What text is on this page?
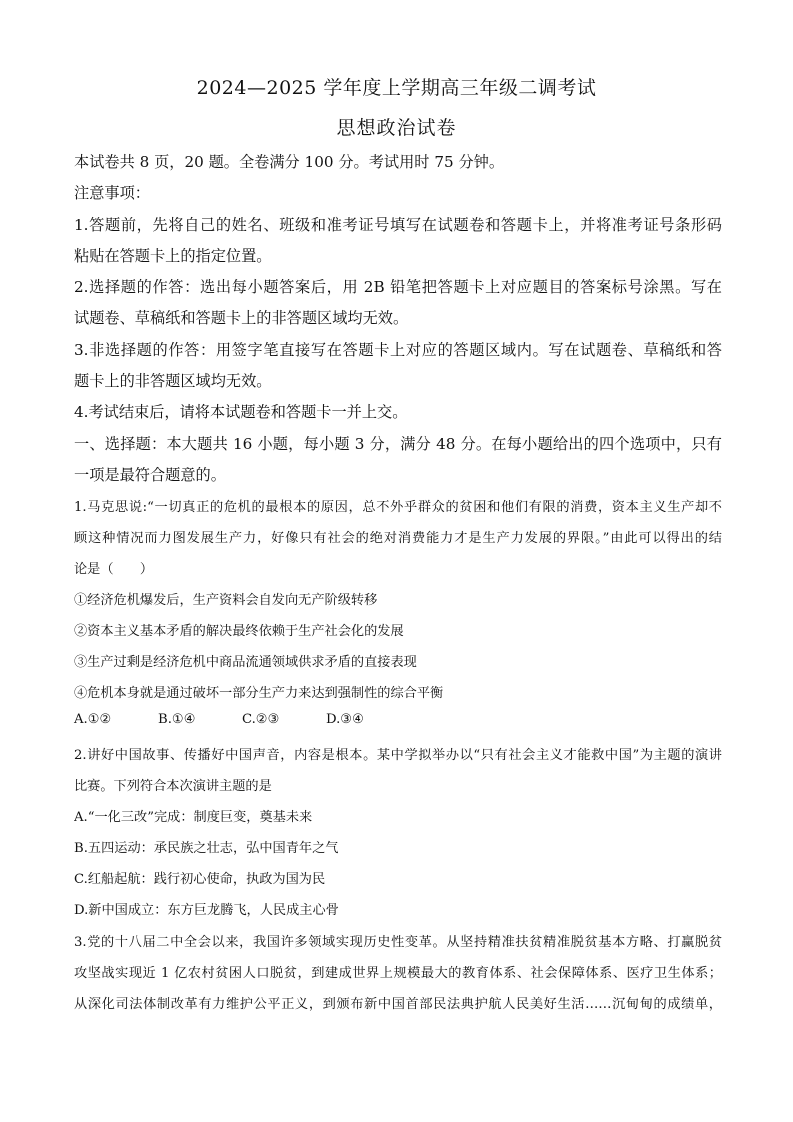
2024—2025 学年度上学期高三年级二调考试
思想政治试卷
本试卷共 8 页，20 题。全卷满分 100 分。考试用时 75 分钟。
注意事项：
1.答题前，先将自己的姓名、班级和准考证号填写在试题卷和答题卡上，并将准考证号条形码
粘贴在答题卡上的指定位置。
2.选择题的作答：选出每小题答案后，用 2B 铅笔把答题卡上对应题目的答案标号涂黑。写在
试题卷、草稿纸和答题卡上的非答题区域均无效。
3.非选择题的作答：用签字笔直接写在答题卡上对应的答题区域内。写在试题卷、草稿纸和答
题卡上的非答题区域均无效。
4.考试结束后，请将本试题卷和答题卡一并上交。
一、选择题：本大题共 16 小题，每小题 3 分，满分 48 分。在每小题给出的四个选项中，只有
一项是最符合题意的。
1.马克思说:“一切真正的危机的最根本的原因，总不外乎群众的贫困和他们有限的消费，资本主义生产却不
顾这种情况而力图发展生产力，好像只有社会的绝对消费能力才是生产力发展的界限。”由此可以得出的结
论是（　　）
①经济危机爆发后，生产资料会自发向无产阶级转移
②资本主义基本矛盾的解决最终依赖于生产社会化的发展
③生产过剩是经济危机中商品流通领域供求矛盾的直接表现
④危机本身就是通过破坏一部分生产力来达到强制性的综合平衡
A.①②	B.①④	C.②③	D.③④
2.讲好中国故事、传播好中国声音，内容是根本。某中学拟举办以“只有社会主义才能救中国”为主题的演讲
比赛。下列符合本次演讲主题的是
A.“一化三改”完成：制度巨变，奠基未来
B.五四运动：承民族之壮志，弘中国青年之气
C.红船起航：践行初心使命，执政为国为民
D.新中国成立：东方巨龙腾飞，人民成主心骨
3.党的十八届二中全会以来，我国许多领域实现历史性变革。从坚持精准扶贫精准脱贫基本方略、打赢脱贫
攻坚战实现近 1 亿农村贫困人口脱贫，到建成世界上规模最大的教育体系、社会保障体系、医疗卫生体系；
从深化司法体制改革有力维护公平正义，到颁布新中国首部民法典护航人民美好生活……沉甸甸的成绩单，
